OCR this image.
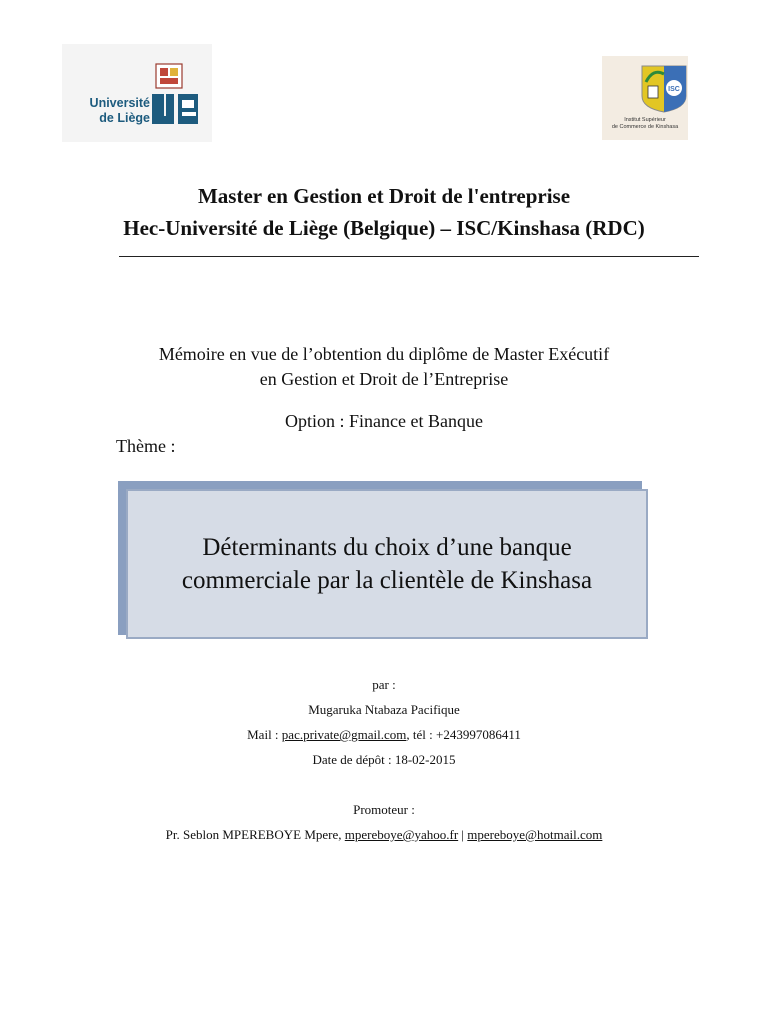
Université
de Liège
ISC
Institut Supérieur
de Commerce de Kinshasa
Master en Gestion et Droit de l'entreprise
Hec-Université de Liège (Belgique) – ISC/Kinshasa (RDC)
Mémoire en vue de l’obtention du diplôme de Master Exécutif
en Gestion et Droit de l’Entreprise
Option : Finance et Banque
Thème :
Déterminants du choix d’une banque
commerciale par la clientèle de Kinshasa
par :
Mugaruka Ntabaza Pacifique
Mail : pac.private@gmail.com, tél : +243997086411
Date de dépôt : 18-02-2015
Promoteur :
Pr. Seblon MPEREBOYE Mpere, mpereboye@yahoo.fr | mpereboye@hotmail.com
